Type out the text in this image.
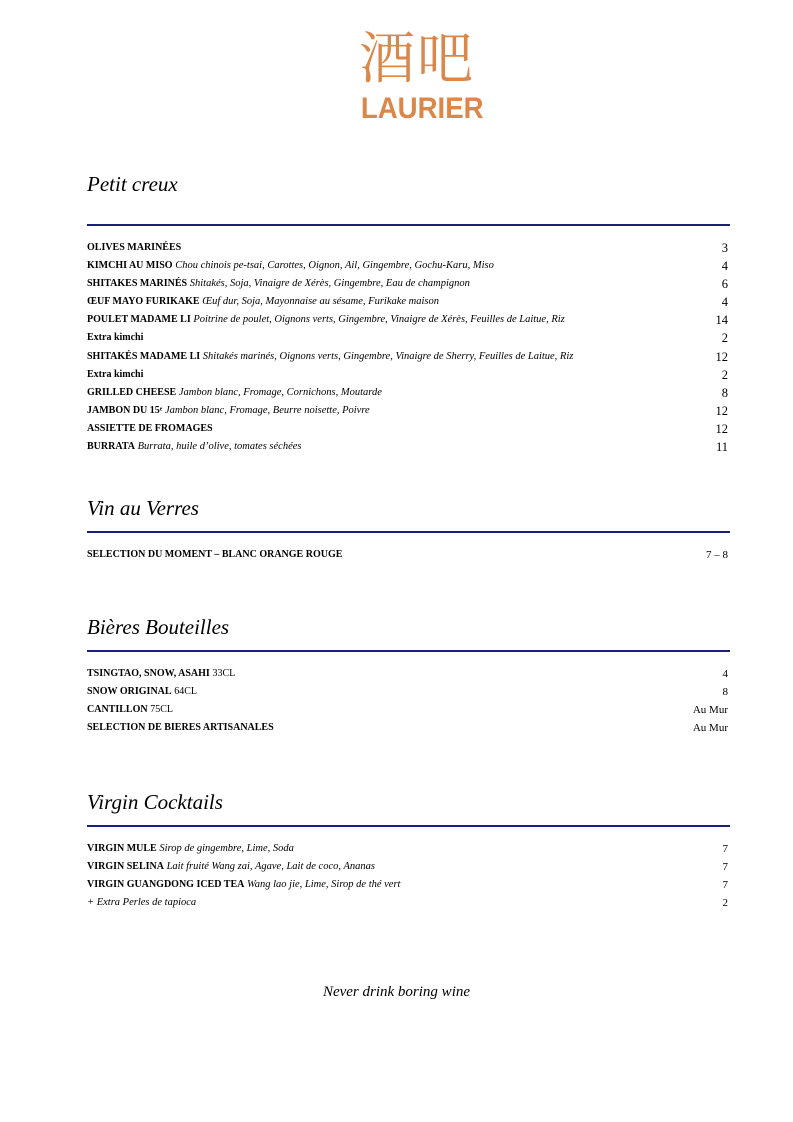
酒吧
LAURIER
Petit creux
OLIVES MARINÉES	3
KIMCHI AU MISO Chou chinois pe-tsai, Carottes, Oignon, Ail, Gingembre, Gochu-Karu, Miso	4
SHITAKES MARINÉS Shitakés, Soja, Vinaigre de Xérès, Gingembre, Eau de champignon	6
ŒUF MAYO FURIKAKE Œuf dur, Soja, Mayonnaise au sésame, Furikake maison	4
POULET MADAME LI Poitrine de poulet, Oignons verts, Gingembre, Vinaigre de Xérès, Feuilles de Laitue, Riz	14
Extra kimchi	2
SHITAKÉS MADAME LI Shitakés marinés, Oignons verts, Gingembre, Vinaigre de Sherry, Feuilles de Laitue, Riz	12
Extra kimchi	2
GRILLED CHEESE Jambon blanc, Fromage, Cornichons, Moutarde	8
JAMBON DU 15ᵉ Jambon blanc, Fromage, Beurre noisette, Poivre	12
ASSIETTE DE FROMAGES	12
BURRATA Burrata, huile d’olive, tomates séchées	11
Vin au Verres
SELECTION DU MOMENT – BLANC ORANGE ROUGE	7 – 8
Bières Bouteilles
TSINGTAO, SNOW, ASAHI 33CL	4
SNOW ORIGINAL 64CL	8
CANTILLON 75CL	Au Mur
SELECTION DE BIERES ARTISANALES	Au Mur
Virgin Cocktails
VIRGIN MULE Sirop de gingembre, Lime, Soda	7
VIRGIN SELINA Lait fruité Wang zai, Agave, Lait de coco, Ananas	7
VIRGIN GUANGDONG ICED TEA Wang lao jie, Lime, Sirop de thé vert	7
+ Extra Perles de tapioca	2
Never drink boring wine
